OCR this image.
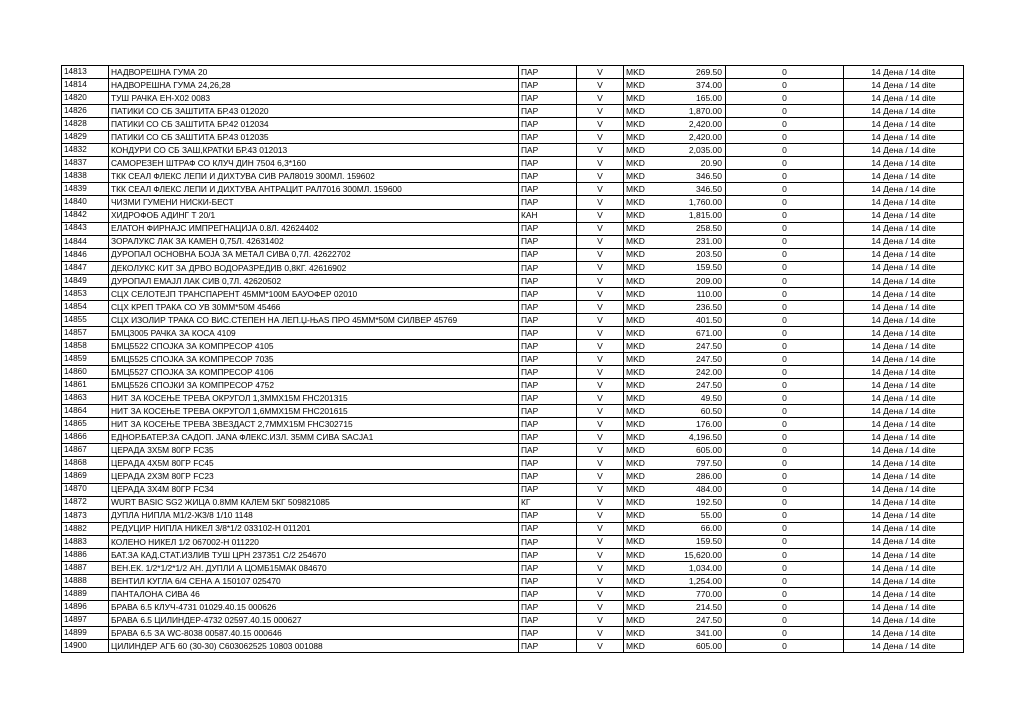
14813	НАДВОРЕШНА ГУМА 20	ПАР	V	MKD	269.50	0	14 Дена / 14 dite
14814	НАДВОРЕШНА ГУМА 24,26,28	ПАР	V	MKD	374.00	0	14 Дена / 14 dite
14820	ТУШ РАЧКА ЕН-X02 0083	ПАР	V	MKD	165.00	0	14 Дена / 14 dite
14826	ПАТИКИ СО СБ ЗАШТИТА БР.43 012020	ПАР	V	MKD	1,870.00	0	14 Дена / 14 dite
14828	ПАТИКИ СО СБ ЗАШТИТА БР.42 012034	ПАР	V	MKD	2,420.00	0	14 Дена / 14 dite
14829	ПАТИКИ СО СБ ЗАШТИТА БР.43 012035	ПАР	V	MKD	2,420.00	0	14 Дена / 14 dite
14832	КОНДУРИ СО СБ ЗАШ,КРАТКИ БР.43 012013	ПАР	V	MKD	2,035.00	0	14 Дена / 14 dite
14837	САМОРЕЗЕН ШТРАФ СО КЛУЧ ДИН 7504 6,3*160	ПАР	V	MKD	20.90	0	14 Дена / 14 dite
14838	ТКК СЕАЛ ФЛЕКС ЛЕПИ И ДИХТУВА СИВ РАЛ8019 300МЛ. 159602	ПАР	V	MKD	346.50	0	14 Дена / 14 dite
14839	ТКК СЕАЛ ФЛЕКС ЛЕПИ И ДИХТУВА АНТРАЦИТ РАЛ7016 300МЛ. 159600	ПАР	V	MKD	346.50	0	14 Дена / 14 dite
14840	ЧИЗМИ ГУМЕНИ НИСКИ-БЕСТ	ПАР	V	MKD	1,760.00	0	14 Дена / 14 dite
14842	ХИДРОФОБ АДИНГ Т 20/1	КАН	V	MKD	1,815.00	0	14 Дена / 14 dite
14843	ЕЛАТОН ФИРНАЈС ИМПРЕГНАЦИЈА 0.8Л. 42624402	ПАР	V	MKD	258.50	0	14 Дена / 14 dite
14844	ЗОРАЛУКС ЛАК ЗА КАМЕН 0,75Л. 42631402	ПАР	V	MKD	231.00	0	14 Дена / 14 dite
14846	ДУРОПАЛ ОСНОВНА БОЈА ЗА МЕТАЛ СИВА 0,7Л. 42622702	ПАР	V	MKD	203.50	0	14 Дена / 14 dite
14847	ДЕКОЛУКС КИТ ЗА ДРВО ВОДОРАЗРЕДИВ 0,8КГ. 42616902	ПАР	V	MKD	159.50	0	14 Дена / 14 dite
14849	ДУРОПАЛ ЕМАЈЛ ЛАК СИВ 0,7Л. 42620502	ПАР	V	MKD	209.00	0	14 Дена / 14 dite
14853	СЦХ СЕЛОТЕЈП ТРАНСПАРЕНТ 45ММ*100М БАУОФЕР 02010	ПАР	V	MKD	110.00	0	14 Дена / 14 dite
14854	СЦХ КРЕП ТРАКА СО УВ 30ММ*50М 45466	ПАР	V	MKD	236.50	0	14 Дена / 14 dite
14855	СЦХ ИЗОЛИР ТРАКА СО ВИС.СТЕПЕН НА ЛЕП.Џ-ЊАS ПРО 45ММ*50М СИЛВЕР 45769	ПАР	V	MKD	401.50	0	14 Дена / 14 dite
14857	БМЦ3005 РАЧКА ЗА КОСА 4109	ПАР	V	MKD	671.00	0	14 Дена / 14 dite
14858	БМЦ5522 СПОЈКА ЗА КОМПРЕСОР 4105	ПАР	V	MKD	247.50	0	14 Дена / 14 dite
14859	БМЦ5525 СПОЈКА ЗА КОМПРЕСОР 7035	ПАР	V	MKD	247.50	0	14 Дена / 14 dite
14860	БМЦ5527 СПОЈКА ЗА КОМПРЕСОР 4106	ПАР	V	MKD	242.00	0	14 Дена / 14 dite
14861	БМЦ5526 СПОЈКИ ЗА КОМПРЕСОР 4752	ПАР	V	MKD	247.50	0	14 Дена / 14 dite
14863	НИТ ЗА КОСЕЊЕ ТРЕВА ОКРУГОЛ 1,3ММХ15М FHC201315	ПАР	V	MKD	49.50	0	14 Дена / 14 dite
14864	НИТ ЗА КОСЕЊЕ ТРЕВА ОКРУГОЛ 1,6ММХ15М FHC201615	ПАР	V	MKD	60.50	0	14 Дена / 14 dite
14865	НИТ ЗА КОСЕЊЕ ТРЕВА ЗВЕЗДАСТ 2,7ММХ15М FHC302715	ПАР	V	MKD	176.00	0	14 Дена / 14 dite
14866	ЕДНОР.БАТЕР.ЗА САДОП. JANA ФЛЕКС.ИЗЛ. 35ММ СИВА SACJA1	ПАР	V	MKD	4,196.50	0	14 Дена / 14 dite
14867	ЦЕРАДА 3Х5М 80ГР FC35	ПАР	V	MKD	605.00	0	14 Дена / 14 dite
14868	ЦЕРАДА 4Х5М 80ГР FC45	ПАР	V	MKD	797.50	0	14 Дена / 14 dite
14869	ЦЕРАДА 2Х3М 80ГР FC23	ПАР	V	MKD	286.00	0	14 Дена / 14 dite
14870	ЦЕРАДА 3Х4М 80ГР FC34	ПАР	V	MKD	484.00	0	14 Дена / 14 dite
14872	WURT BASIC SG2 ЖИЦА 0.8ММ КАЛЕМ 5КГ 509821085	КГ	V	MKD	192.50	0	14 Дена / 14 dite
14873	ДУПЛА НИПЛА М1/2-Ж3/8 1/10 1148	ПАР	V	MKD	55.00	0	14 Дена / 14 dite
14882	РЕДУЦИР НИПЛА НИКЕЛ 3/8*1/2 033102-Н 011201	ПАР	V	MKD	66.00	0	14 Дена / 14 dite
14883	КОЛЕНО НИКЕЛ 1/2 067002-Н 011220	ПАР	V	MKD	159.50	0	14 Дена / 14 dite
14886	БАТ.ЗА КАД.СТАТ.ИЗЛИВ ТУШ ЦРН 237351 С/2 254670	ПАР	V	MKD	15,620.00	0	14 Дена / 14 dite
14887	ВЕН.ЕК. 1/2*1/2*1/2 АН. ДУПЛИ А ЦОМБ15МАК 084670	ПАР	V	MKD	1,034.00	0	14 Дена / 14 dite
14888	ВЕНТИЛ КУГЛА 6/4 СЕНА А 150107 025470	ПАР	V	MKD	1,254.00	0	14 Дена / 14 dite
14889	ПАНТАЛОНА СИВА 46	ПАР	V	MKD	770.00	0	14 Дена / 14 dite
14896	БРАВА 6.5 КЛУЧ-4731 01029.40.15 000626	ПАР	V	MKD	214.50	0	14 Дена / 14 dite
14897	БРАВА 6.5 ЦИЛИНДЕР-4732 02597.40.15 000627	ПАР	V	MKD	247.50	0	14 Дена / 14 dite
14899	БРАВА 6.5 ЗА WC-8038 00587.40.15 000646	ПАР	V	MKD	341.00	0	14 Дена / 14 dite
14900	ЦИЛИНДЕР АГБ 60 (30-30) C603062525 10803 001088	ПАР	V	MKD	605.00	0	14 Дена / 14 dite
